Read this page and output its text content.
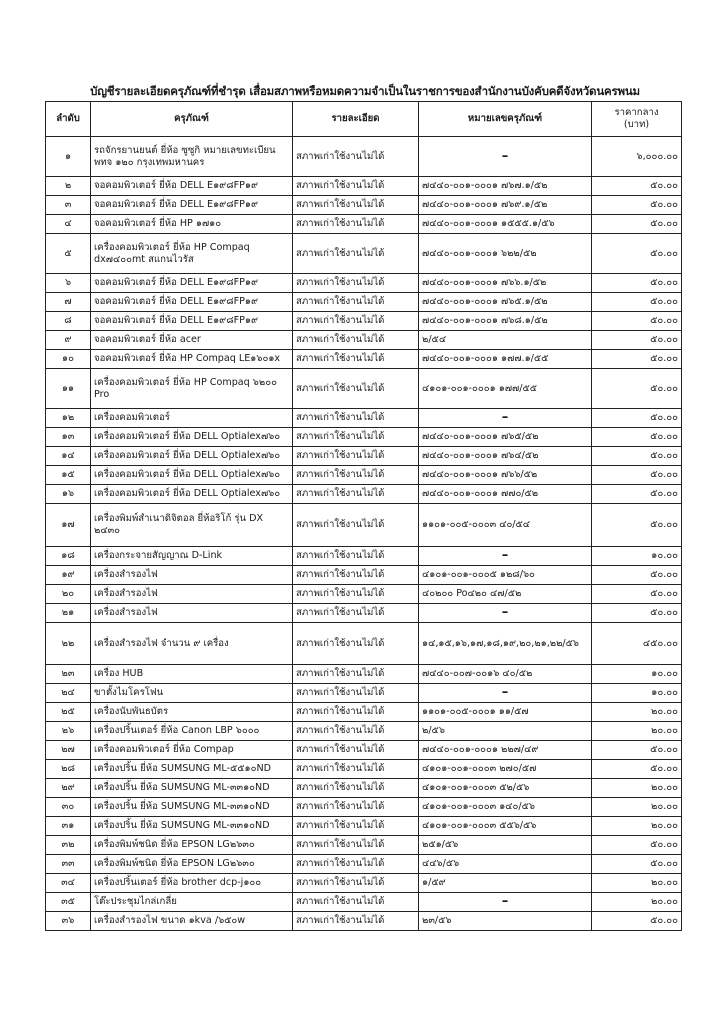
บัญชีรายละเอียดครุภัณฑ์ที่ชำรุด เสื่อมสภาพหรือหมดความจำเป็นในราชการของสำนักงานบังคับคดีจังหวัดนครพนม
ลำดับ	ครุภัณฑ์	รายละเอียด	หมายเลขครุภัณฑ์	ราคากลาง
(บาท)

๑	รถจักรยานยนต์ ยี่ห้อ ซูซูกิ หมายเลขทะเบียน พทจ ๑๒๐ กรุงเทพมหานคร	สภาพเก่าใช้งานไม่ได้	–	๖,๐๐๐.๐๐
๒	จอคอมพิวเตอร์ ยี่ห้อ DELL E๑๙๘FP๑๙	สภาพเก่าใช้งานไม่ได้	๗๔๔๐-๐๐๑-๐๐๐๑ ๗๖๗.๑/๕๒	๕๐.๐๐
๓	จอคอมพิวเตอร์ ยี่ห้อ DELL E๑๙๘FP๑๙	สภาพเก่าใช้งานไม่ได้	๗๔๔๐-๐๐๑-๐๐๐๑ ๗๖๙.๑/๕๒	๕๐.๐๐
๔	จอคอมพิวเตอร์ ยี่ห้อ HP ๑๗๑๐	สภาพเก่าใช้งานไม่ได้	๗๔๔๐-๐๐๑-๐๐๐๑ ๑๕๕๕.๑/๕๖	๕๐.๐๐
๕	เครื่องคอมพิวเตอร์ ยี่ห้อ HP Compaq dx๗๔๐๐mt สแกนไวรัส	สภาพเก่าใช้งานไม่ได้	๗๔๔๐-๐๐๑-๐๐๐๑ ๖๒๒/๕๒	๕๐.๐๐
๖	จอคอมพิวเตอร์ ยี่ห้อ DELL E๑๙๘FP๑๙	สภาพเก่าใช้งานไม่ได้	๗๔๔๐-๐๐๑-๐๐๐๑ ๗๖๖.๑/๕๒	๕๐.๐๐
๗	จอคอมพิวเตอร์ ยี่ห้อ DELL E๑๙๘FP๑๙	สภาพเก่าใช้งานไม่ได้	๗๔๔๐-๐๐๑-๐๐๐๑ ๗๖๕.๑/๕๒	๕๐.๐๐
๘	จอคอมพิวเตอร์ ยี่ห้อ DELL E๑๙๘FP๑๙	สภาพเก่าใช้งานไม่ได้	๗๔๔๐-๐๐๑-๐๐๐๑ ๗๖๘.๑/๕๒	๕๐.๐๐
๙	จอคอมพิวเตอร์ ยี่ห้อ acer	สภาพเก่าใช้งานไม่ได้	๒/๕๔	๕๐.๐๐
๑๐	จอคอมพิวเตอร์ ยี่ห้อ HP Compaq LE๑๖๐๑x	สภาพเก่าใช้งานไม่ได้	๗๔๔๐-๐๐๑-๐๐๐๑ ๑๗๗.๑/๕๕	๕๐.๐๐
๑๑	เครื่องคอมพิวเตอร์ ยี่ห้อ HP Compaq ๖๒๐๐ Pro	สภาพเก่าใช้งานไม่ได้	๔๑๐๑-๐๐๑-๐๐๐๑ ๑๗๗/๕๕	๕๐.๐๐
๑๒	เครื่องคอมพิวเตอร์	สภาพเก่าใช้งานไม่ได้	–	๕๐.๐๐
๑๓	เครื่องคอมพิวเตอร์ ยี่ห้อ DELL Optialex๗๖๐	สภาพเก่าใช้งานไม่ได้	๗๔๔๐-๐๐๑-๐๐๐๑ ๗๖๕/๕๒	๕๐.๐๐
๑๔	เครื่องคอมพิวเตอร์ ยี่ห้อ DELL Optialex๗๖๐	สภาพเก่าใช้งานไม่ได้	๗๔๔๐-๐๐๑-๐๐๐๑ ๗๖๔/๕๒	๕๐.๐๐
๑๕	เครื่องคอมพิวเตอร์ ยี่ห้อ DELL Optialex๗๖๐	สภาพเก่าใช้งานไม่ได้	๗๔๔๐-๐๐๑-๐๐๐๑ ๗๖๖/๕๒	๕๐.๐๐
๑๖	เครื่องคอมพิวเตอร์ ยี่ห้อ DELL Optialex๗๖๐	สภาพเก่าใช้งานไม่ได้	๗๔๔๐-๐๐๑-๐๐๐๑ ๗๗๐/๕๒	๕๐.๐๐
๑๗	เครื่องพิมพ์สำเนาดิจิตอล ยี่ห้อริโก้ รุ่น DX ๒๔๓๐	สภาพเก่าใช้งานไม่ได้	๑๑๐๑-๐๐๕-๐๐๐๓ ๔๐/๕๔	๕๐.๐๐
๑๘	เครื่องกระจายสัญญาณ D-Link	สภาพเก่าใช้งานไม่ได้	–	๑๐.๐๐
๑๙	เครื่องสำรองไฟ	สภาพเก่าใช้งานไม่ได้	๔๑๐๑-๐๐๑-๐๐๐๕ ๑๒๘/๖๐	๕๐.๐๐
๒๐	เครื่องสำรองไฟ	สภาพเก่าใช้งานไม่ได้	๔๐๒๐๐ Po๔๒๐ ๔๗/๕๒	๕๐.๐๐
๒๑	เครื่องสำรองไฟ	สภาพเก่าใช้งานไม่ได้	–	๕๐.๐๐
๒๒	เครื่องสำรองไฟ จำนวน ๙ เครื่อง	สภาพเก่าใช้งานไม่ได้	๑๔,๑๕,๑๖,๑๗,๑๘,๑๙,๒๐,๒๑,๒๒/๕๖	๔๕๐.๐๐
๒๓	เครื่อง HUB	สภาพเก่าใช้งานไม่ได้	๗๔๔๐-๐๐๗-๐๐๑๖ ๔๐/๕๒	๑๐.๐๐
๒๔	ขาตั้งไมโครโฟน	สภาพเก่าใช้งานไม่ได้	–	๑๐.๐๐
๒๕	เครื่องนับพันธบัตร	สภาพเก่าใช้งานไม่ได้	๑๑๐๑-๐๐๕-๐๐๐๑ ๑๑/๕๗	๒๐.๐๐
๒๖	เครื่องปริ้นเตอร์ ยี่ห้อ Canon LBP ๖๐๐๐	สภาพเก่าใช้งานไม่ได้	๒/๕๖	๒๐.๐๐
๒๗	เครื่องคอมพิวเตอร์ ยี่ห้อ Compap	สภาพเก่าใช้งานไม่ได้	๗๔๔๐-๐๐๑-๐๐๐๑ ๒๒๗/๔๙	๕๐.๐๐
๒๘	เครื่องปริ้น ยี่ห้อ SUMSUNG ML-๕๕๑๐ND	สภาพเก่าใช้งานไม่ได้	๔๑๐๑-๐๐๑-๐๐๐๓ ๒๗๐/๕๗	๕๐.๐๐
๒๙	เครื่องปริ้น ยี่ห้อ SUMSUNG ML-๓๓๑๐ND	สภาพเก่าใช้งานไม่ได้	๔๑๐๑-๐๐๑-๐๐๐๓ ๕๒/๕๖	๒๐.๐๐
๓๐	เครื่องปริ้น ยี่ห้อ SUMSUNG ML-๓๓๑๐ND	สภาพเก่าใช้งานไม่ได้	๔๑๐๑-๐๐๑-๐๐๐๓ ๑๔๐/๕๖	๒๐.๐๐
๓๑	เครื่องปริ้น ยี่ห้อ SUMSUNG ML-๓๓๑๐ND	สภาพเก่าใช้งานไม่ได้	๔๑๐๑-๐๐๑-๐๐๐๓ ๕๕๖/๕๖	๒๐.๐๐
๓๒	เครื่องพิมพ์ชนิด ยี่ห้อ EPSON LG๒๖๓๐	สภาพเก่าใช้งานไม่ได้	๒๕๑/๕๖	๕๐.๐๐
๓๓	เครื่องพิมพ์ชนิด ยี่ห้อ EPSON LG๒๖๓๐	สภาพเก่าใช้งานไม่ได้	๔๔๖/๕๖	๕๐.๐๐
๓๔	เครื่องปริ้นเตอร์ ยี่ห้อ brother dcp-j๑๐๐	สภาพเก่าใช้งานไม่ได้	๑/๕๙	๒๐.๐๐
๓๕	โต๊ะประชุมไกล่เกลี่ย	สภาพเก่าใช้งานไม่ได้	–	๒๐.๐๐
๓๖	เครื่องสำรองไฟ ขนาด ๑kva /๖๕๐w	สภาพเก่าใช้งานไม่ได้	๒๓/๕๖	๕๐.๐๐
